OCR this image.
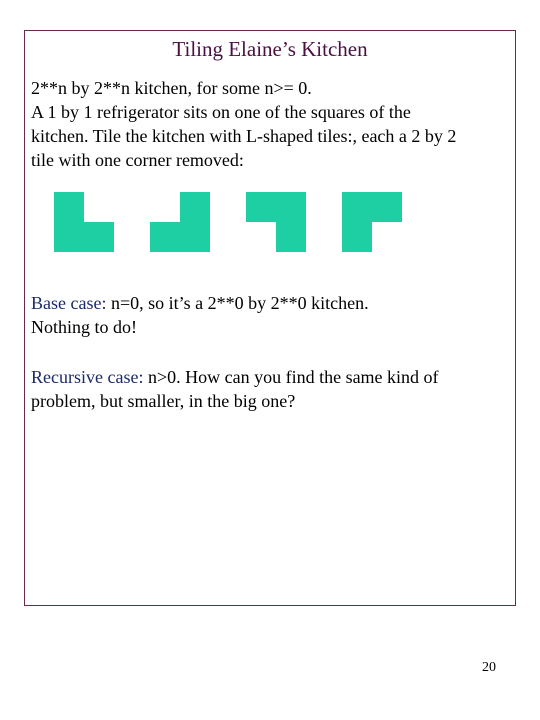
Tiling Elaine’s Kitchen

2**n by 2**n kitchen, for some n>= 0.

A 1 by 1 refrigerator sits on one of the squares of the

kitchen. Tile the kitchen with L-shaped tiles:, each a 2 by 2

tile with one corner removed:

Base case: n=0, so it’s a 2**0 by 2**0 kitchen.

Nothing to do!

Recursive case: n>0. How can you find the same kind of

problem, but smaller, in the big one?

20
